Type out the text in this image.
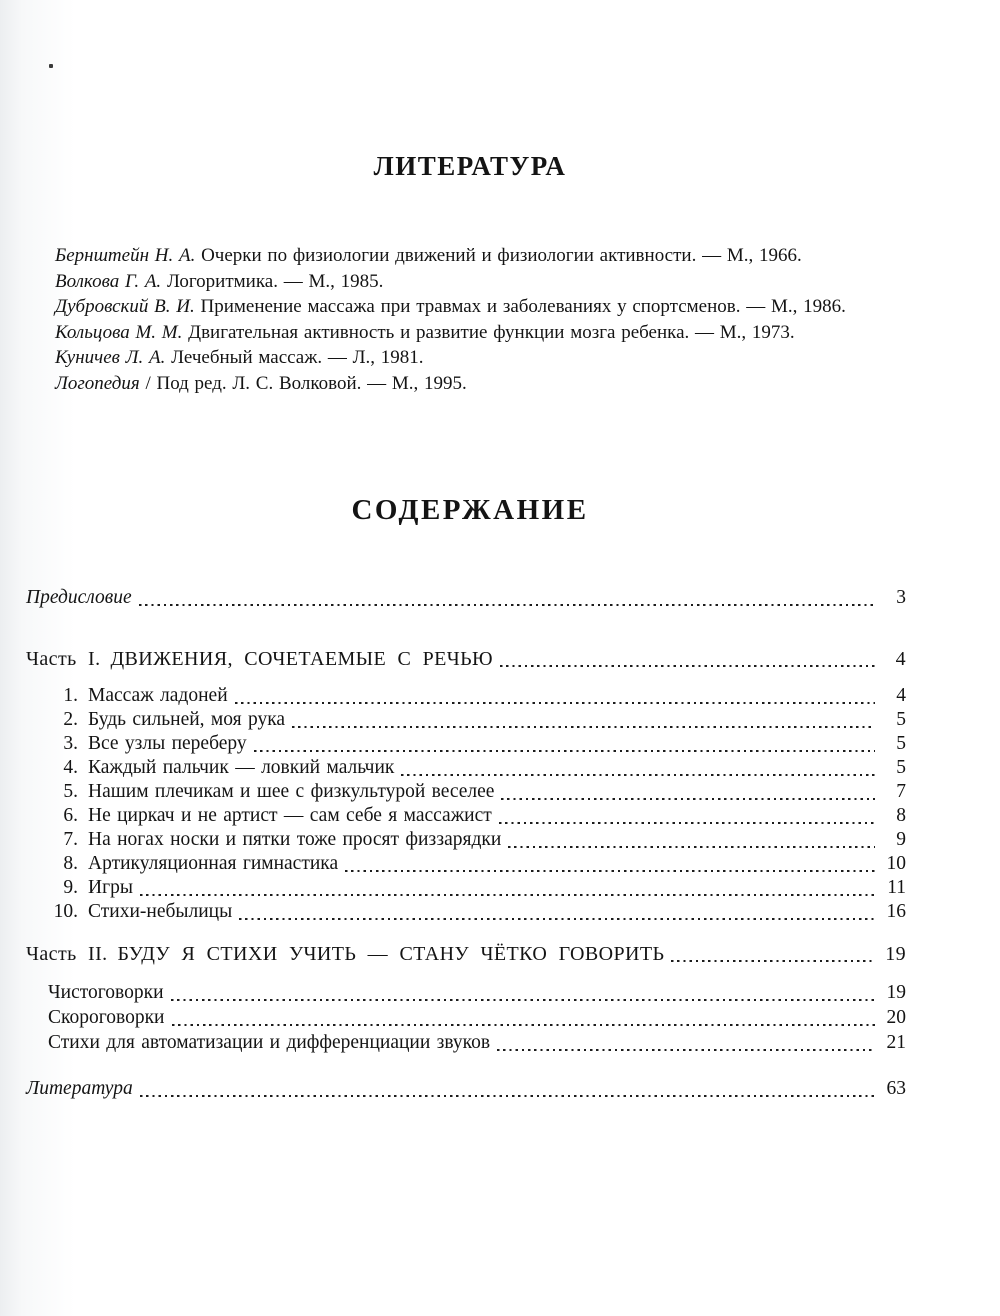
ЛИТЕРАТУРА
Бернштейн Н. А. Очерки по физиологии движений и физиологии активности. — М., 1966.
Волкова Г. А. Логоритмика. — М., 1985.
Дубровский В. И. Применение массажа при травмах и заболеваниях у спортсменов. — М., 1986.
Кольцова М. М. Двигательная активность и развитие функции мозга ребенка. — М., 1973.
Куничев Л. А. Лечебный массаж. — Л., 1981.
Логопедия / Под ред. Л. С. Волковой. — М., 1995.
СОДЕРЖАНИЕ
Предисловие	3
Часть I. ДВИЖЕНИЯ, СОЧЕТАЕМЫЕ С РЕЧЬЮ	4
1. Массаж ладоней	4
2. Будь сильней, моя рука	5
3. Все узлы переберу	5
4. Каждый пальчик — ловкий мальчик	5
5. Нашим плечикам и шее с физкультурой веселее	7
6. Не циркач и не артист — сам себе я массажист	8
7. На ногах носки и пятки тоже просят физзарядки	9
8. Артикуляционная гимнастика	10
9. Игры	11
10. Стихи-небылицы	16
Часть II. БУДУ Я СТИХИ УЧИТЬ — СТАНУ ЧЁТКО ГОВОРИТЬ	19
Чистоговорки	19
Скороговорки	20
Стихи для автоматизации и дифференциации звуков	21
Литература	63
